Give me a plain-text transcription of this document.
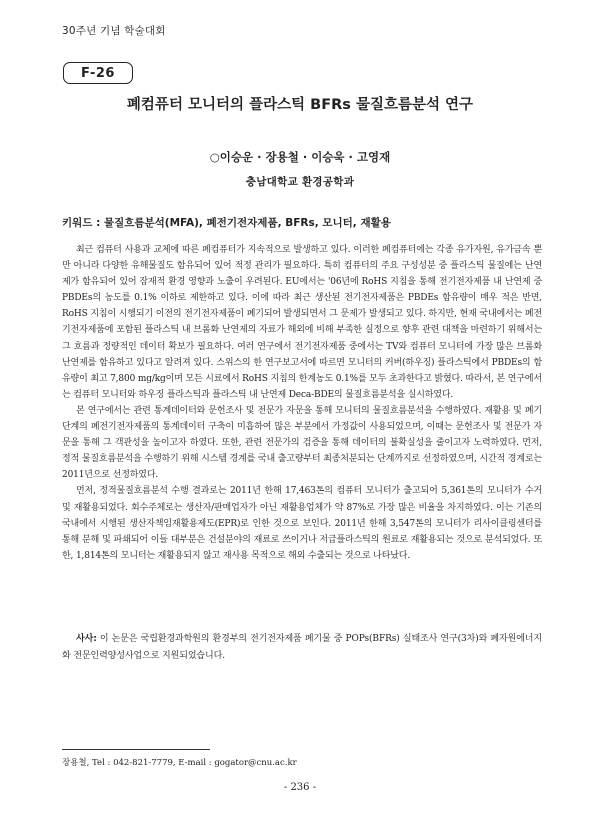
30주년 기념 학술대회
F-26
폐컴퓨터 모니터의 플라스틱 BFRs 물질흐름분석 연구
○이승운 · 장용철 · 이승욱 · 고영재
충남대학교 환경공학과
키워드 : 물질흐름분석(MFA), 폐전기전자제품, BFRs, 모니터, 재활용

최근 컴퓨터 사용과 교체에 따른 폐컴퓨터가 지속적으로 발생하고 있다. 이러한 폐컴퓨터에는 각종 유가자원, 유가금속 뿐만 아니라 다양한 유해물질도 함유되어 있어 적정 관리가 필요하다. 특히 컴퓨터의 주요 구성성분 중 플라스틱 물질에는 난연제가 함유되어 있어 잠재적 환경 영향과 노출이 우려된다. EU에서는 '06년에 RoHS 지침을 통해 전기전자제품 내 난연제 중 PBDEs의 농도를 0.1% 이하로 제한하고 있다. 이에 따라 최근 생산된 전기전자제품은 PBDEs 함유량이 매우 적은 반면, RoHS 지침이 시행되기 이전의 전기전자제품이 폐기되어 발생되면서 그 문제가 발생되고 있다. 하지만, 현재 국내에서는 폐전기전자제품에 포함된 플라스틱 내 브롬화 난연제의 자료가 해외에 비해 부족한 실정으로 향후 관련 대책을 마련하기 위해서는 그 흐름과 정량적인 데이터 확보가 필요하다. 여러 연구에서 전기전자제품 중에서는 TV와 컴퓨터 모니터에 가장 많은 브롬화 난연제를 함유하고 있다고 알려져 있다. 스위스의 한 연구보고서에 따르면 모니터의 커버(하우징) 플라스틱에서 PBDEs의 함유량이 최고 7,800 mg/kg이며 모든 시료에서 RoHS 지침의 한계농도 0.1%를 모두 초과한다고 밝혔다. 따라서, 본 연구에서는 컴퓨터 모니터와 하우징 플라스틱과 플라스틱 내 난연제 Deca-BDE의 물질흐름분석을 실시하였다.

본 연구에서는 관련 통계데이터와 문헌조사 및 전문가 자문을 통해 모니터의 물질흐름분석을 수행하였다. 재활용 및 폐기 단계의 폐전기전자제품의 통계데이터 구축이 미흡하여 많은 부분에서 가정값이 사용되었으며, 이때는 문헌조사 및 전문가 자문을 통해 그 객관성을 높이고자 하였다. 또한, 관련 전문가의 검증을 통해 데이터의 불확실성을 줄이고자 노력하였다. 먼저, 정적 물질흐름분석을 수행하기 위해 시스템 경계를 국내 출고량부터 최종처분되는 단계까지로 선정하였으며, 시간적 경계로는 2011년으로 선정하였다.

먼저, 정적물질흐름분석 수행 결과로는 2011년 한해 17,463톤의 컴퓨터 모니터가 출고되어 5,361톤의 모니터가 수거 및 재활용되었다. 회수주체로는 생산자/판매업자가 아닌 재활용업체가 약 87%로 가장 많은 비율을 차지하였다. 이는 기존의 국내에서 시행된 생산자책임재활용제도(EPR)로 인한 것으로 보인다. 2011년 한해 3,547톤의 모니터가 리사이클링센터를 통해 분해 및 파쇄되어 이들 대부분은 건설분야의 재료로 쓰이거나 저급플라스틱의 원료로 재활용되는 것으로 분석되었다. 또한, 1,814톤의 모니터는 재활용되지 않고 재사용 목적으로 해외 수출되는 것으로 나타났다.

사사: 이 논문은 국립환경과학원의 환경부의 전기전자제품 폐기물 중 POPs(BFRs) 실태조사 연구(3차)와 폐자원에너지화 전문인력양성사업으로 지원되었습니다.
장용철, Tel : 042-821-7779, E-mail : gogator@cnu.ac.kr
- 236 -
